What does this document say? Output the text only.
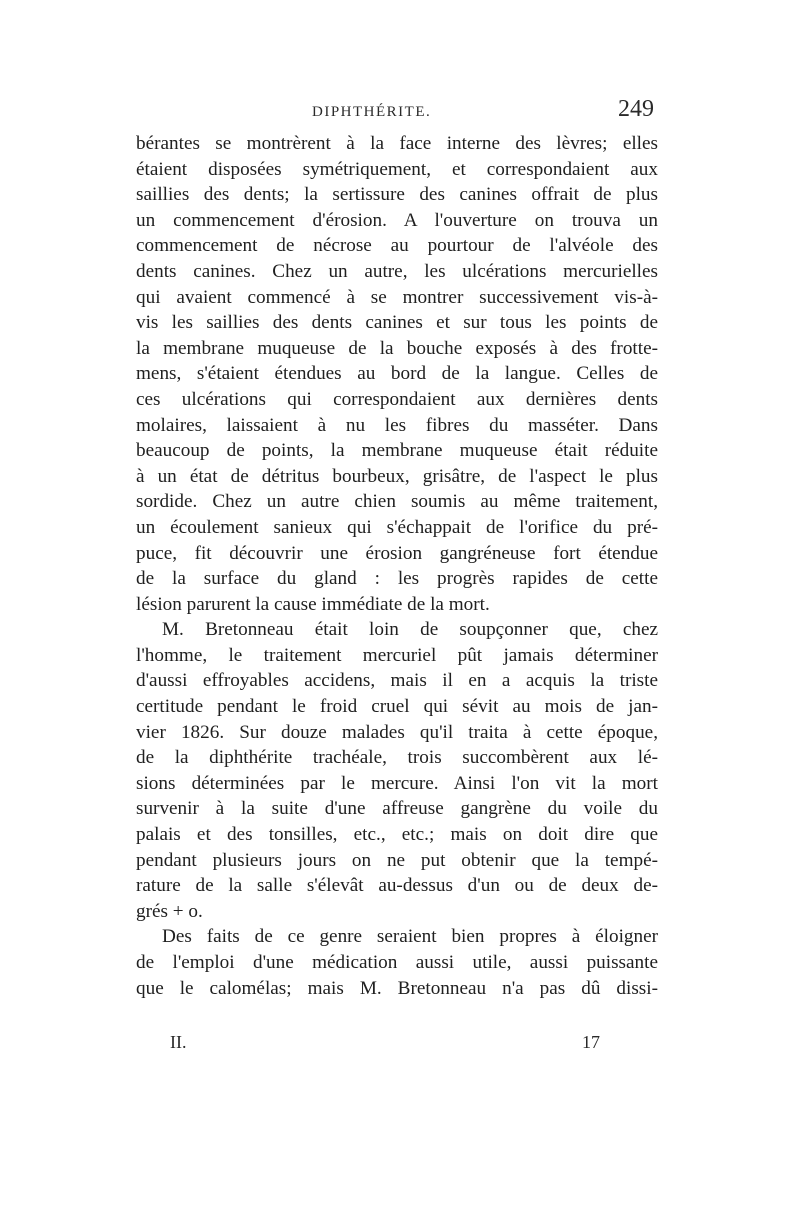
DIPHTHÉRITE.	249
bérantes se montrèrent à la face interne des lèvres; elles
étaient disposées symétriquement, et correspondaient aux
saillies des dents; la sertissure des canines offrait de plus
un commencement d'érosion. A l'ouverture on trouva un
commencement de nécrose au pourtour de l'alvéole des
dents canines. Chez un autre, les ulcérations mercurielles
qui avaient commencé à se montrer successivement vis-à-
vis les saillies des dents canines et sur tous les points de
la membrane muqueuse de la bouche exposés à des frotte-
mens, s'étaient étendues au bord de la langue. Celles de
ces ulcérations qui correspondaient aux dernières dents
molaires, laissaient à nu les fibres du masséter. Dans
beaucoup de points, la membrane muqueuse était réduite
à un état de détritus bourbeux, grisâtre, de l'aspect le plus
sordide. Chez un autre chien soumis au même traitement,
un écoulement sanieux qui s'échappait de l'orifice du pré-
puce, fit découvrir une érosion gangréneuse fort étendue
de la surface du gland : les progrès rapides de cette
lésion parurent la cause immédiate de la mort.
M. Bretonneau était loin de soupçonner que, chez
l'homme, le traitement mercuriel pût jamais déterminer
d'aussi effroyables accidens, mais il en a acquis la triste
certitude pendant le froid cruel qui sévit au mois de jan-
vier 1826. Sur douze malades qu'il traita à cette époque,
de la diphthérite trachéale, trois succombèrent aux lé-
sions déterminées par le mercure. Ainsi l'on vit la mort
survenir à la suite d'une affreuse gangrène du voile du
palais et des tonsilles, etc., etc.; mais on doit dire que
pendant plusieurs jours on ne put obtenir que la tempé-
rature de la salle s'élevât au-dessus d'un ou de deux de-
grés + o.
Des faits de ce genre seraient bien propres à éloigner
de l'emploi d'une médication aussi utile, aussi puissante
que le calomélas; mais M. Bretonneau n'a pas dû dissi-
II.	17
